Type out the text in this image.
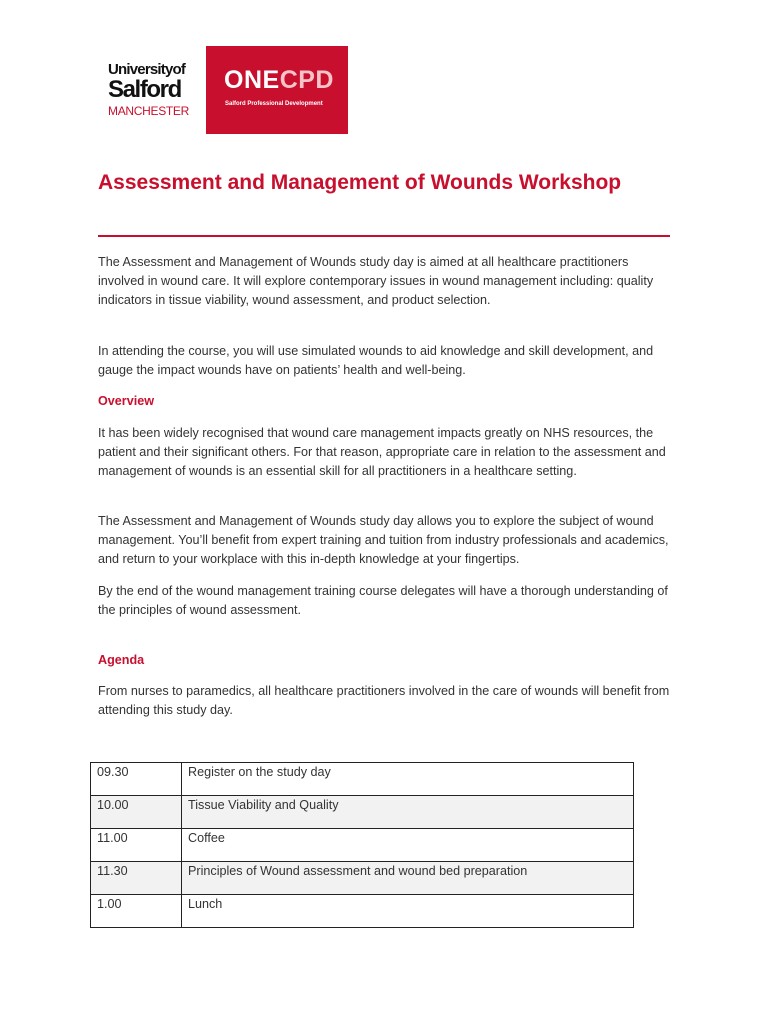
Universityof
Salford
MANCHESTER
ONECPD
Salford Professional Development
Assessment and Management of Wounds Workshop

The Assessment and Management of Wounds study day is aimed at all healthcare practitioners involved in wound care. It will explore contemporary issues in wound management including: quality indicators in tissue viability, wound assessment, and product selection.

In attending the course, you will use simulated wounds to aid knowledge and skill development, and gauge the impact wounds have on patients’ health and well-being.

Overview

It has been widely recognised that wound care management impacts greatly on NHS resources, the patient and their significant others. For that reason, appropriate care in relation to the assessment and management of wounds is an essential skill for all practitioners in a healthcare setting.

The Assessment and Management of Wounds study day allows you to explore the subject of wound management. You’ll benefit from expert training and tuition from industry professionals and academics, and return to your workplace with this in-depth knowledge at your fingertips.

By the end of the wound management training course delegates will have a thorough understanding of the principles of wound assessment.

Agenda

From nurses to paramedics, all healthcare practitioners involved in the care of wounds will benefit from attending this study day.

09.30	Register on the study day
10.00	Tissue Viability and Quality
11.00	Coffee
11.30	Principles of Wound assessment and wound bed preparation
1.00	Lunch
